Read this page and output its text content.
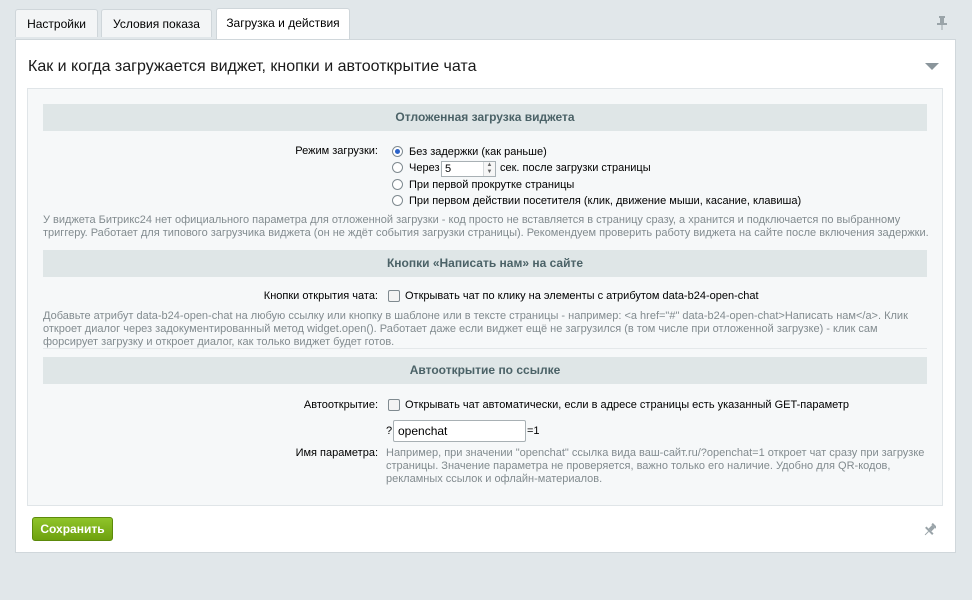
Настройки	Условия показа	Загрузка и действия
Как и когда загружается виджет, кнопки и автооткрытие чата
Отложенная загрузка виджета
Режим загрузки:	Без задержки (как раньше)
Через 5	▲
▼ сек. после загрузки страницы
При первой прокрутке страницы
При первом действии посетителя (клик, движение мыши, касание, клавиша)
У виджета Битрикс24 нет официального параметра для отложенной загрузки - код просто не вставляется в страницу сразу, а хранится и подключается по выбранному триггеру. Работает для типового загрузчика виджета (он не ждёт события загрузки страницы). Рекомендуем проверить работу виджета на сайте после включения задержки.
Кнопки «Написать нам» на сайте
Кнопки открытия чата: Открывать чат по клику на элементы с атрибутом data-b24-open-chat
Добавьте атрибут data-b24-open-chat на любую ссылку или кнопку в шаблоне или в тексте страницы - например: <a href="#" data-b24-open-chat>Написать нам</a>. Клик откроет диалог через задокументированный метод widget.open(). Работает даже если виджет ещё не загрузился (в том числе при отложенной загрузке) - клик сам форсирует загрузку и откроет диалог, как только виджет будет готов.
Автооткрытие по ссылке
Автооткрытие: Открывать чат автоматически, если в адресе страницы есть указанный GET-параметр
?
openchat	=1
Имя параметра: Например, при значении "openchat" ссылка вида ваш-сайт.ru/?openchat=1 откроет чат сразу при загрузке страницы. Значение параметра не проверяется, важно только его наличие. Удобно для QR-кодов, рекламных ссылок и офлайн-материалов.
Сохранить
